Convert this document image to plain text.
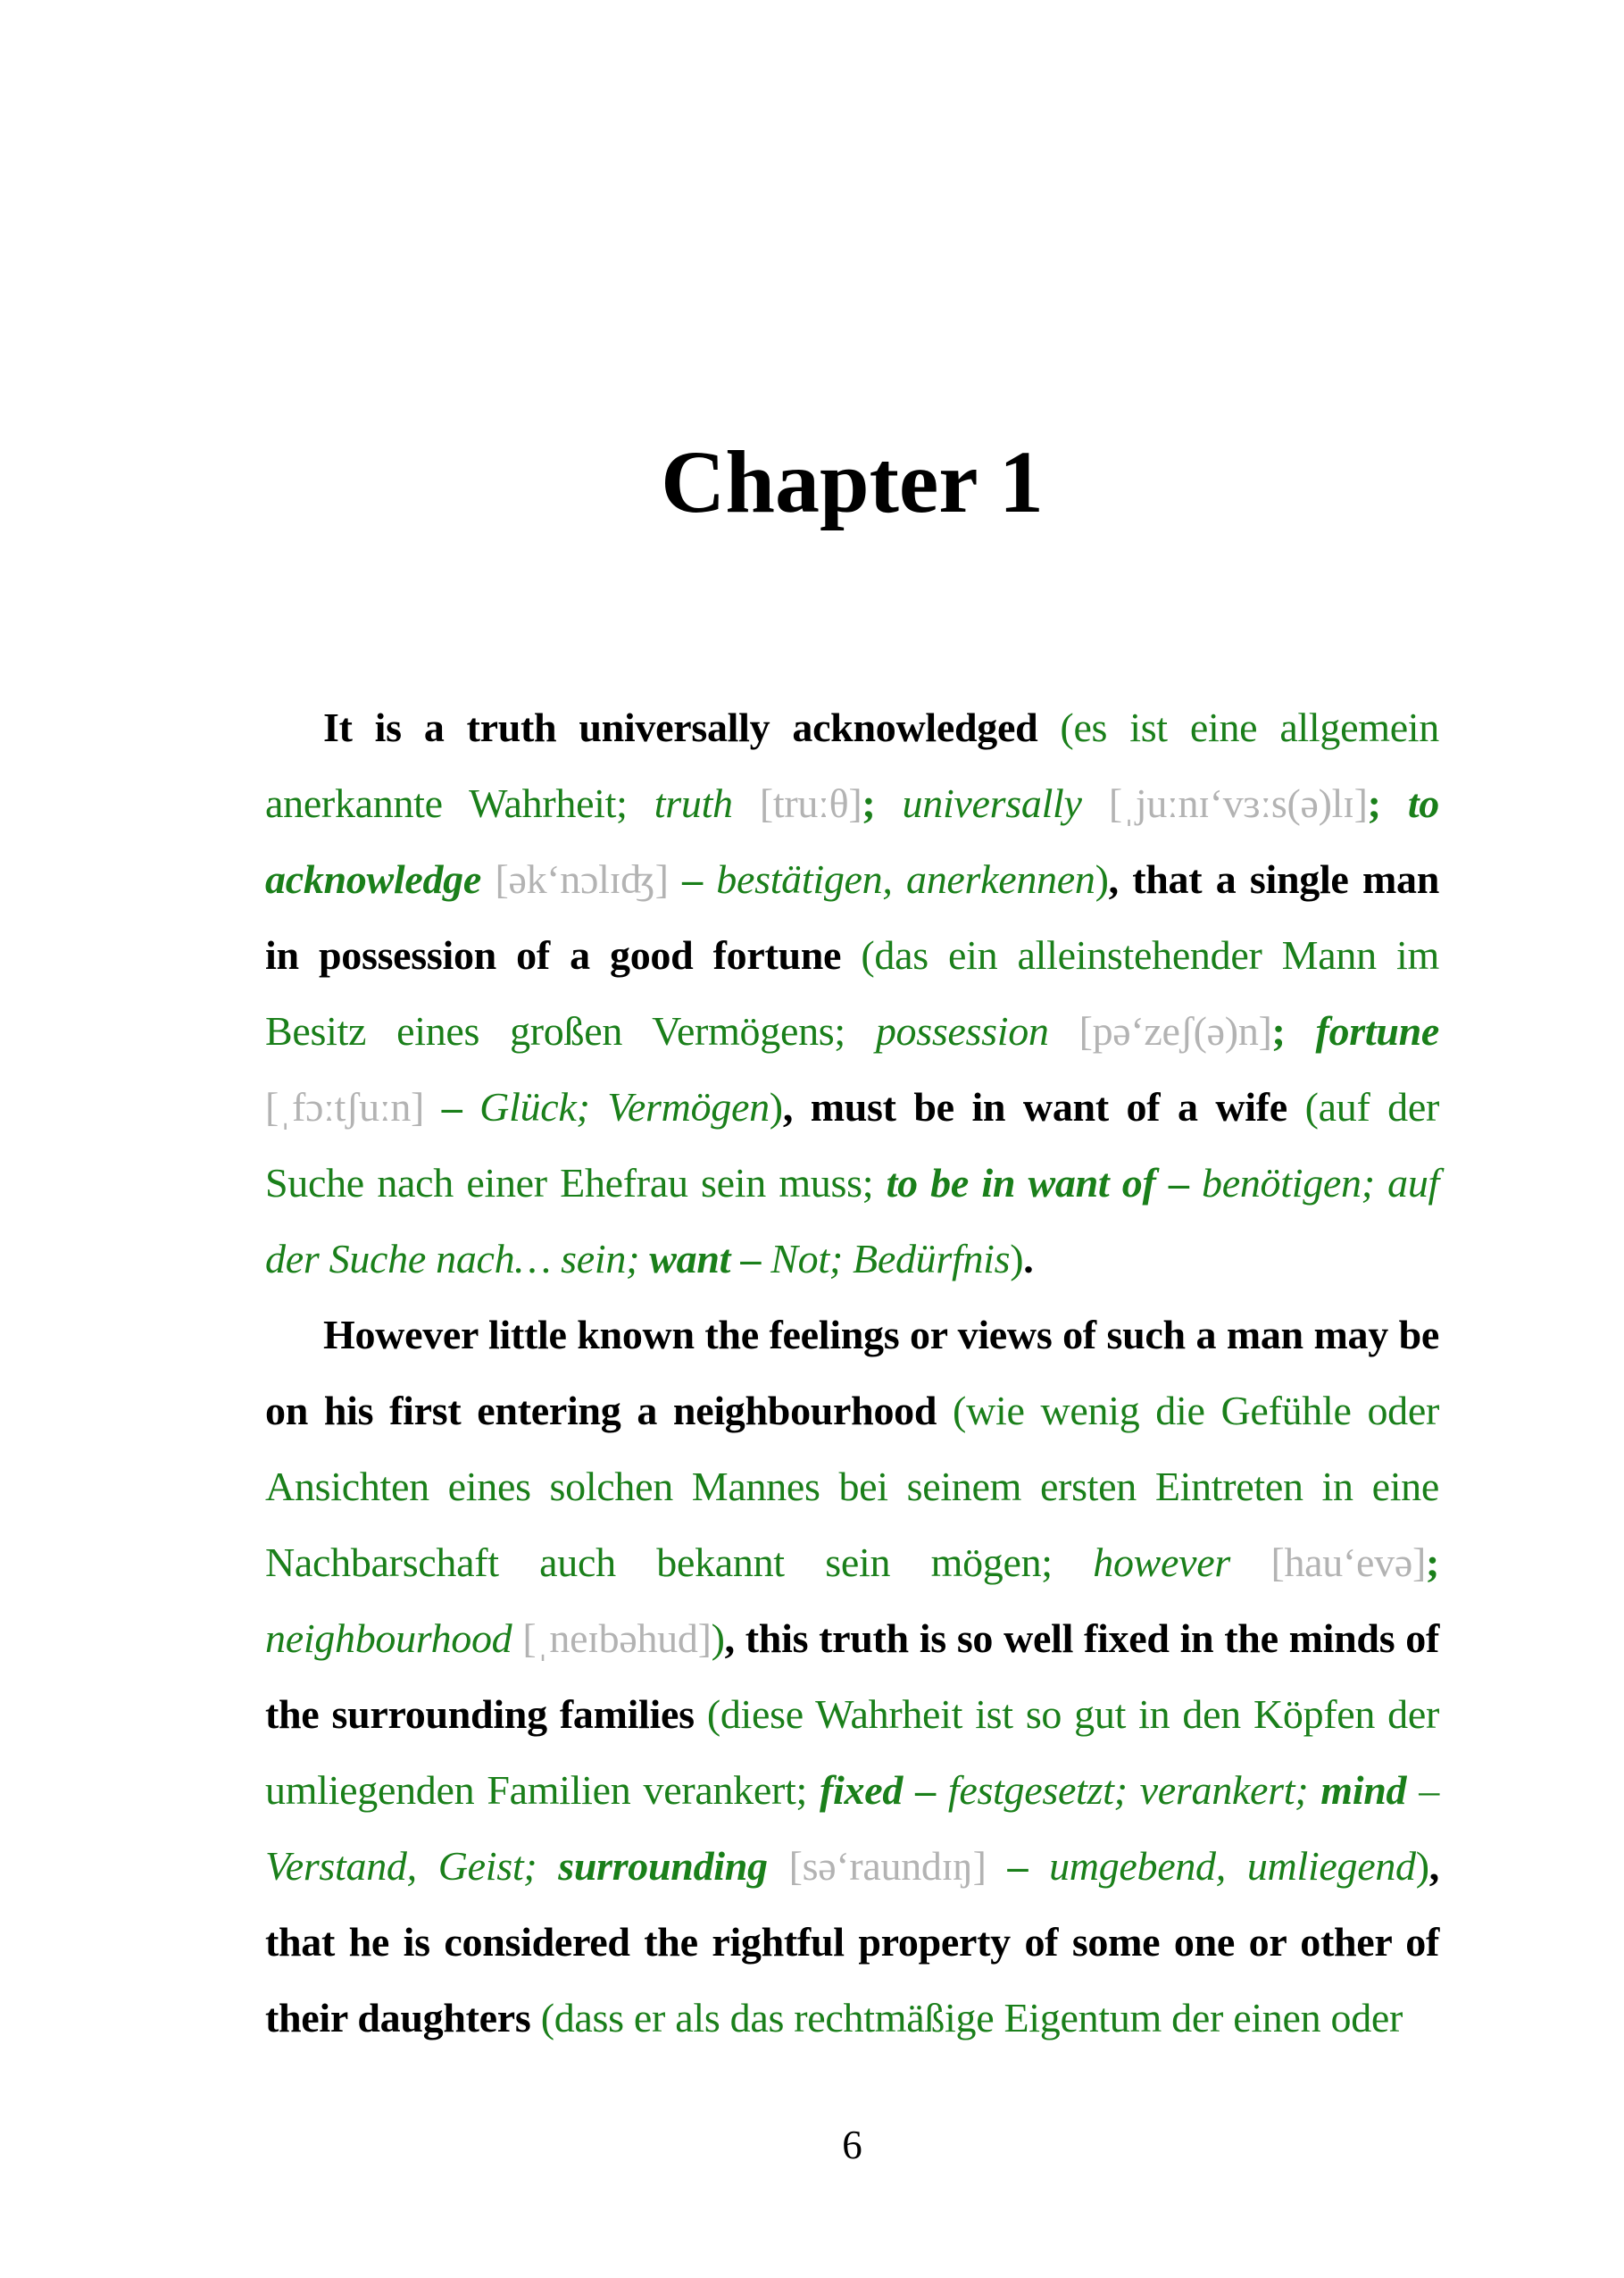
Chapter 1

It is a truth universally acknowledged (es ist eine allgemein anerkannte Wahrheit; truth [truːθ]; universally [ˌjuːnɪ‘vɜːs(ə)lɪ]; to acknowledge [ək‘nɔlɪʤ] – bestätigen, anerkennen), that a single man in possession of a good fortune (das ein alleinstehender Mann im Besitz eines großen Vermögens; possession [pə‘zeʃ(ə)n]; fortune [ˌfɔːtʃuːn] – Glück; Vermögen), must be in want of a wife (auf der Suche nach einer Ehefrau sein muss; to be in want of – benötigen; auf der Suche nach… sein; want – Not; Bedürfnis).

However little known the feelings or views of such a man may be on his first entering a neighbourhood (wie wenig die Gefühle oder Ansichten eines solchen Mannes bei seinem ersten Eintreten in eine Nachbarschaft auch bekannt sein mögen; however [hau‘evə]; neighbourhood [ˌneɪbəhud]), this truth is so well fixed in the minds of the surrounding families (diese Wahrheit ist so gut in den Köpfen der umliegenden Familien verankert; fixed – festgesetzt; verankert; mind – Verstand, Geist; surrounding [sə‘raundɪŋ] – umgebend, umliegend), that he is considered the rightful property of some one or other of their daughters (dass er als das rechtmäßige Eigentum der einen oder

6
